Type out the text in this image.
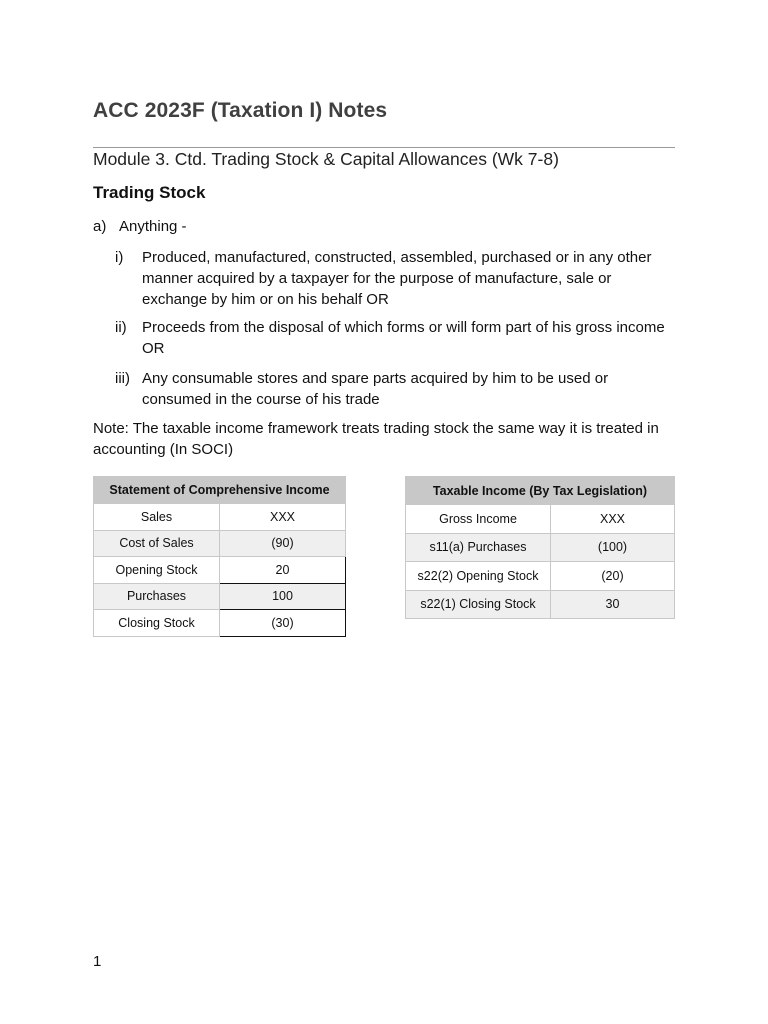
ACC 2023F (Taxation I) Notes
Module 3. Ctd. Trading Stock & Capital Allowances (Wk 7-8)
Trading Stock
a) Anything -
i)	Produced, manufactured, constructed, assembled, purchased or in any other manner acquired by a taxpayer for the purpose of manufacture, sale or exchange by him or on his behalf OR
ii)	Proceeds from the disposal of which forms or will form part of his gross income OR
iii) Any consumable stores and spare parts acquired by him to be used or consumed in the course of his trade
Note: The taxable income framework treats trading stock the same way it is treated in accounting (In SOCI)
Statement of Comprehensive Income	
Sales	XXX
Cost of Sales	(90)
Opening Stock	20
Purchases	100
Closing Stock	(30)
Taxable Income (By Tax Legislation)	
Gross Income	XXX
s11(a) Purchases	(100)
s22(2) Opening Stock	(20)
s22(1) Closing Stock	30
1
